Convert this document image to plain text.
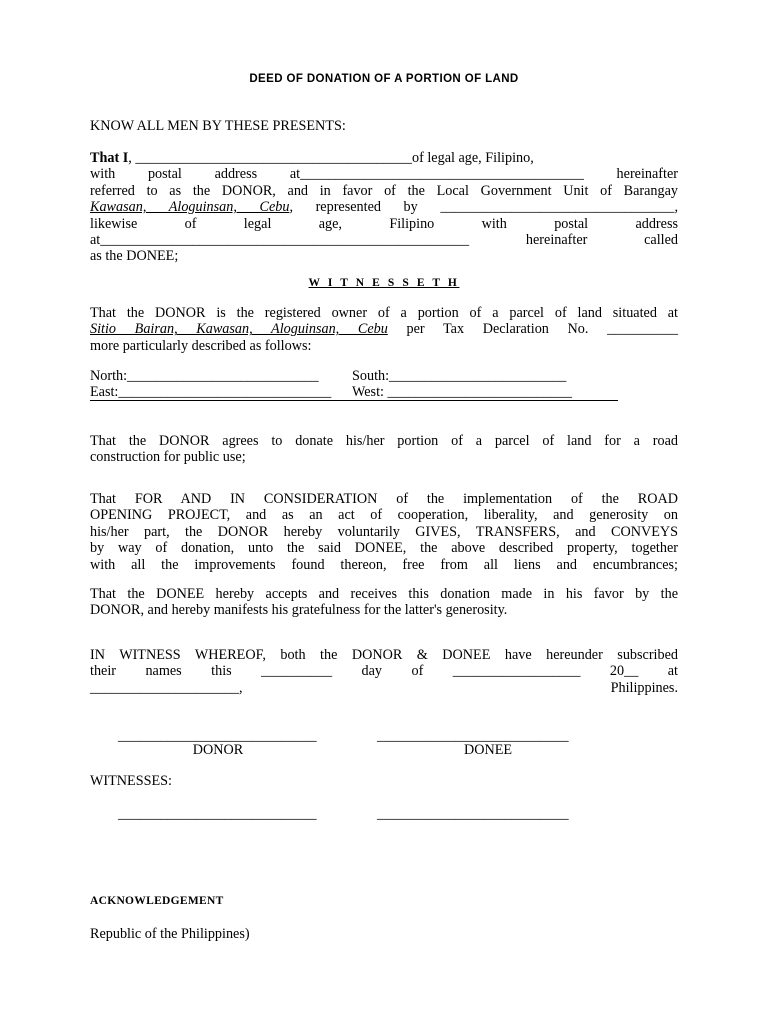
DEED OF DONATION OF A PORTION OF LAND
KNOW ALL MEN BY THESE PRESENTS:
That I, _______________________________________of legal age, Filipino,
with postal address at________________________________________ hereinafter
referred to as the DONOR, and in favor of the Local Government Unit of Barangay
Kawasan, Aloguinsan, Cebu, represented by _________________________________,
likewise of legal age, Filipino with postal address
at____________________________________________________ hereinafter called
as the DONEE;
W I T N E S S E T H
That the DONOR is the registered owner of a portion of a parcel of land situated at
Sitio Bairan, Kawasan, Aloguinsan, Cebu per Tax Declaration No. __________
more particularly described as follows:
North:___________________________ South:_________________________
East:______________________________ West: __________________________
That the DONOR agrees to donate his/her portion of a parcel of land for a road
construction for public use;
That FOR AND IN CONSIDERATION of the implementation of the ROAD
OPENING PROJECT, and as an act of cooperation, liberality, and generosity on
his/her part, the DONOR hereby voluntarily GIVES, TRANSFERS, and CONVEYS
by way of donation, unto the said DONEE, the above described property, together
with all the improvements found thereon, free from all liens and encumbrances;
That the DONEE hereby accepts and receives this donation made in his favor by the
DONOR, and hereby manifests his gratefulness for the latter's generosity.
IN WITNESS WHEREOF, both the DONOR & DONEE have hereunder subscribed
their names this __________ day of __________________ 20__ at
_____________________,	Philippines.
____________________________	___________________________
DONOR	DONEE
WITNESSES:
____________________________	___________________________
ACKNOWLEDGEMENT
Republic of the Philippines)
